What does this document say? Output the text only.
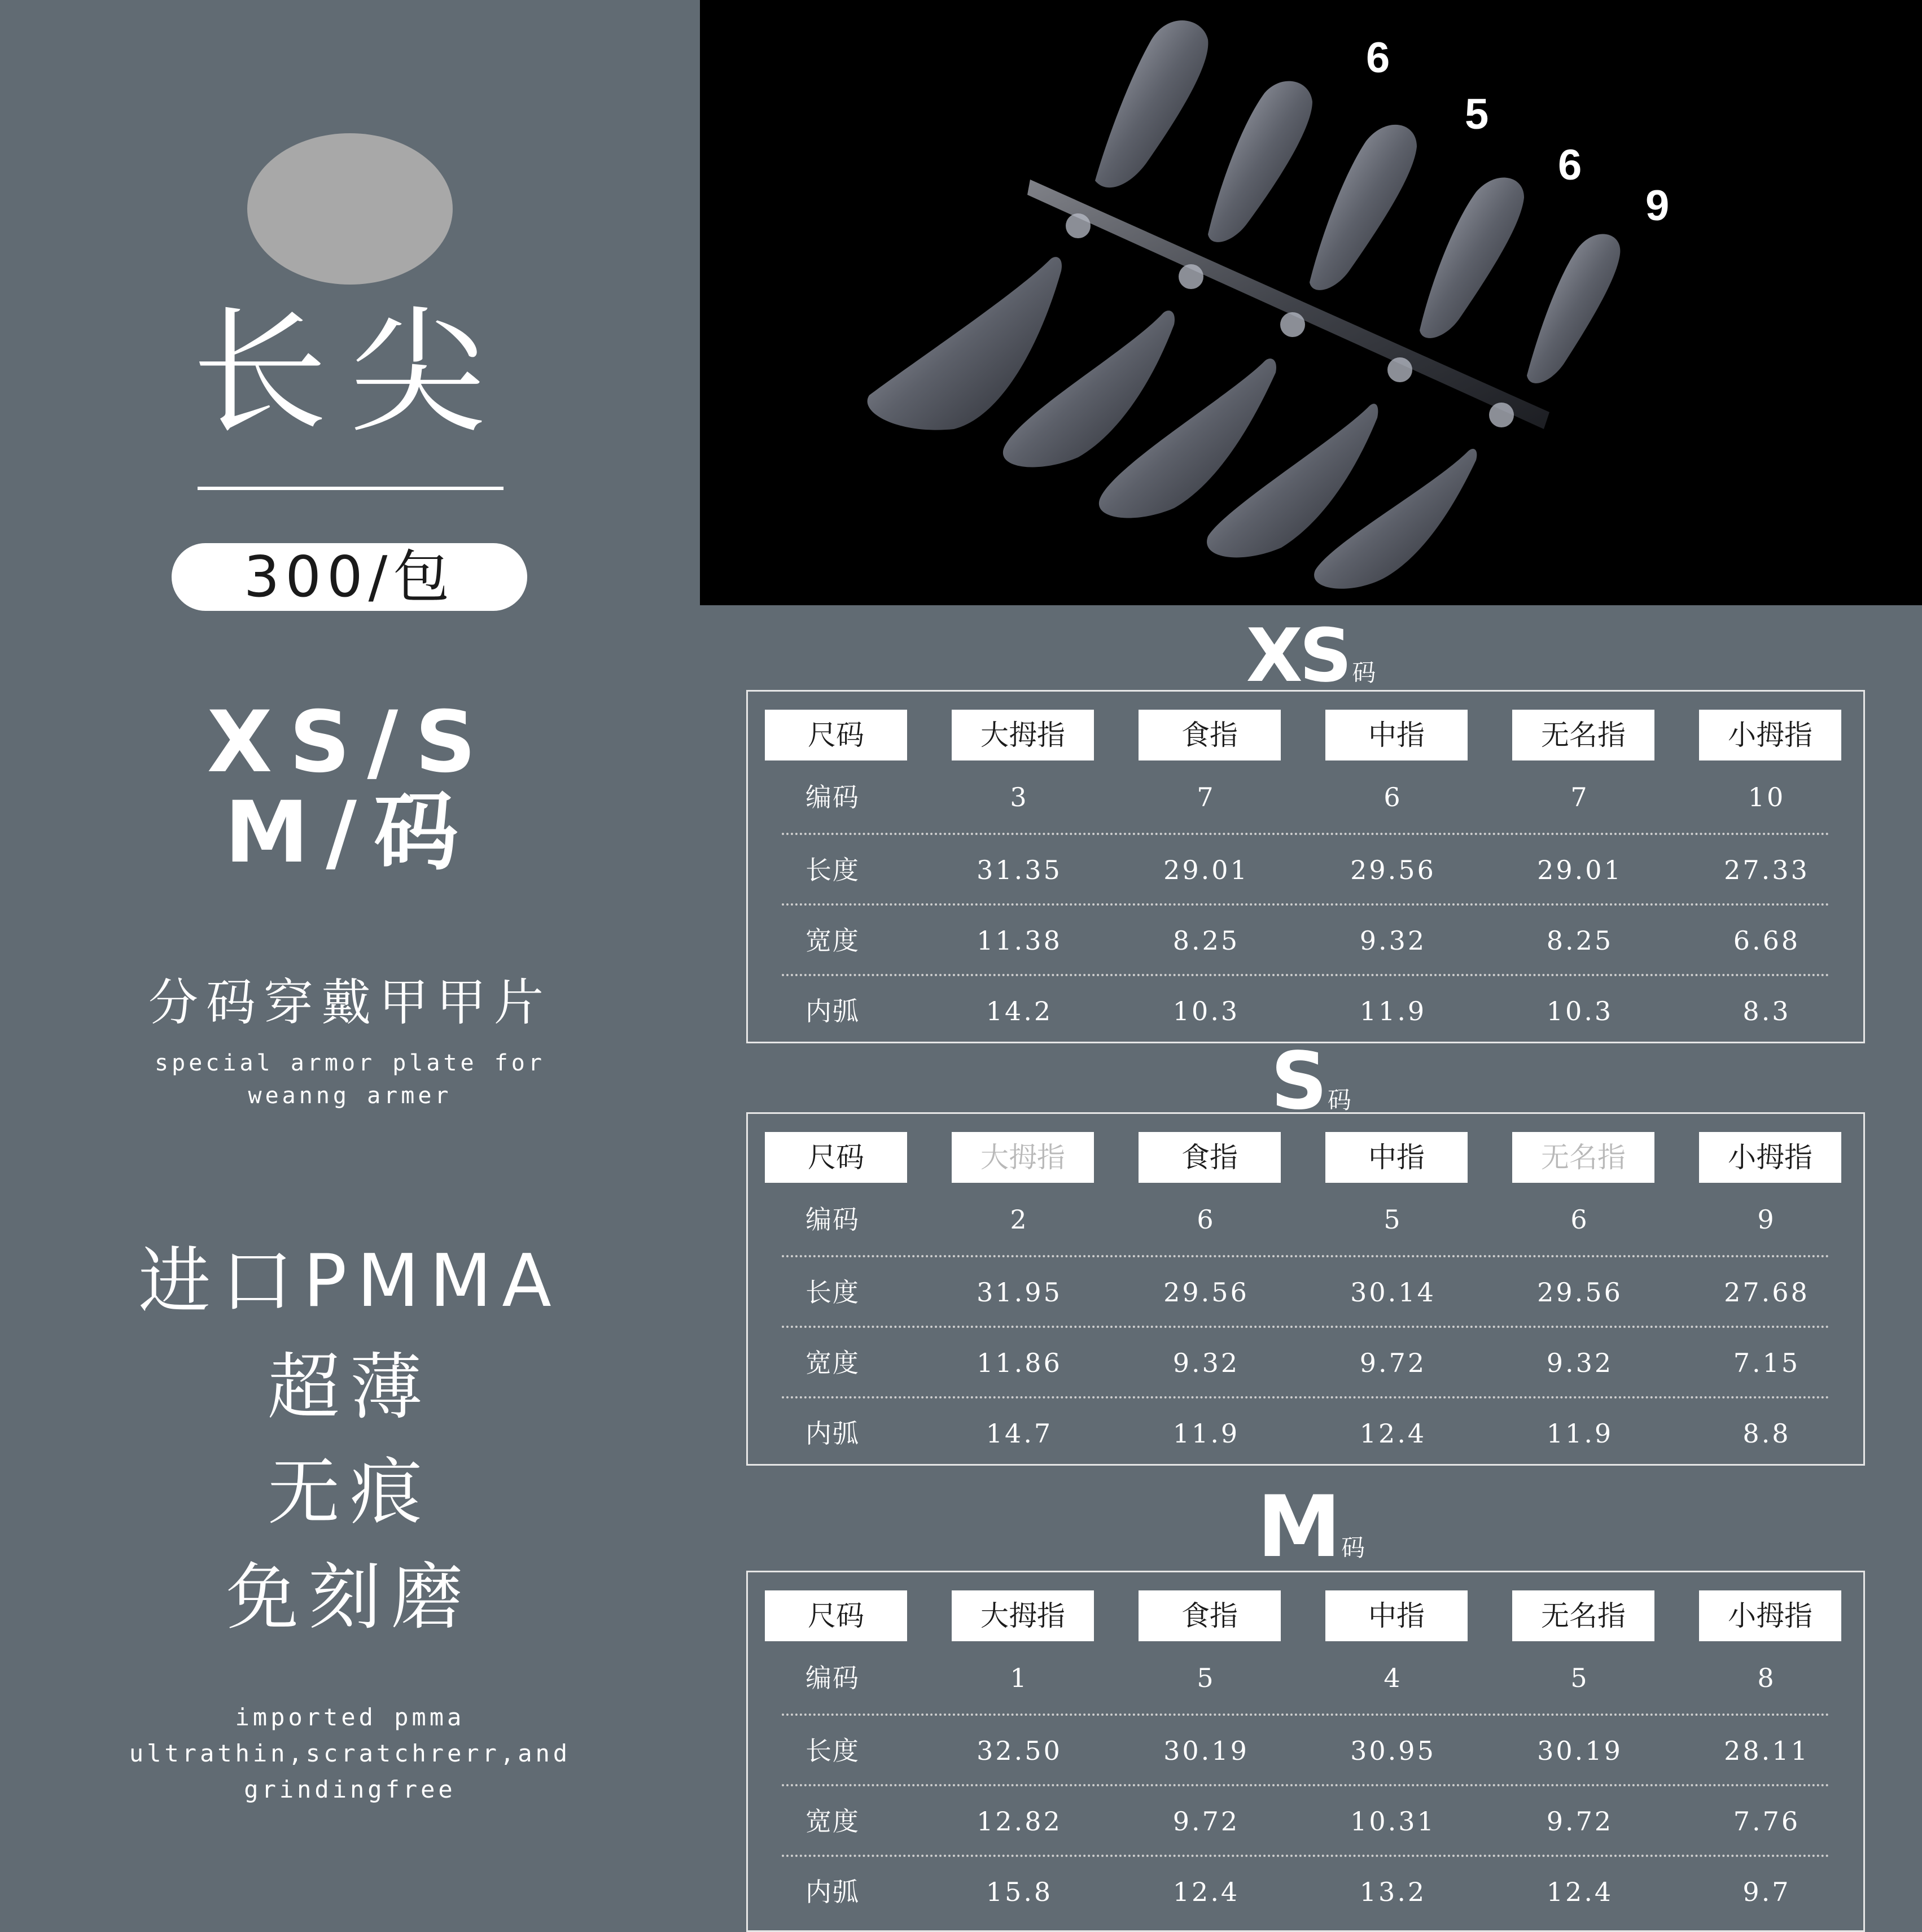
长尖
300/包
XS/S
M/码
分码穿戴甲甲片
special armor plate for
weanng armer
进口PMMA
超薄
无痕
免刻磨
imported pmma
ultrathin,scratchrerr,and
grindingfree
6
5
6
9
XS 码
S码
M码
尺码	大拇指	食指	中指	无名指	小拇指
编码	3	7	6	7	10
长度	31.35	29.01	29.56	29.01	27.33
宽度	11.38	8.25	9.32	8.25	6.68
内弧	14.2	10.3	11.9	10.3	8.3
尺码	大拇指	食指	中指	无名指	小拇指
编码	2	6	5	6	9
长度	31.95	29.56	30.14	29.56	27.68
宽度	11.86	9.32	9.72	9.32	7.15
内弧	14.7	11.9	12.4	11.9	8.8
尺码	大拇指	食指	中指	无名指	小拇指
编码	1	5	4	5	8
长度	32.50	30.19	30.95	30.19	28.11
宽度	12.82	9.72	10.31	9.72	7.76
内弧	15.8	12.4	13.2	12.4	9.7
